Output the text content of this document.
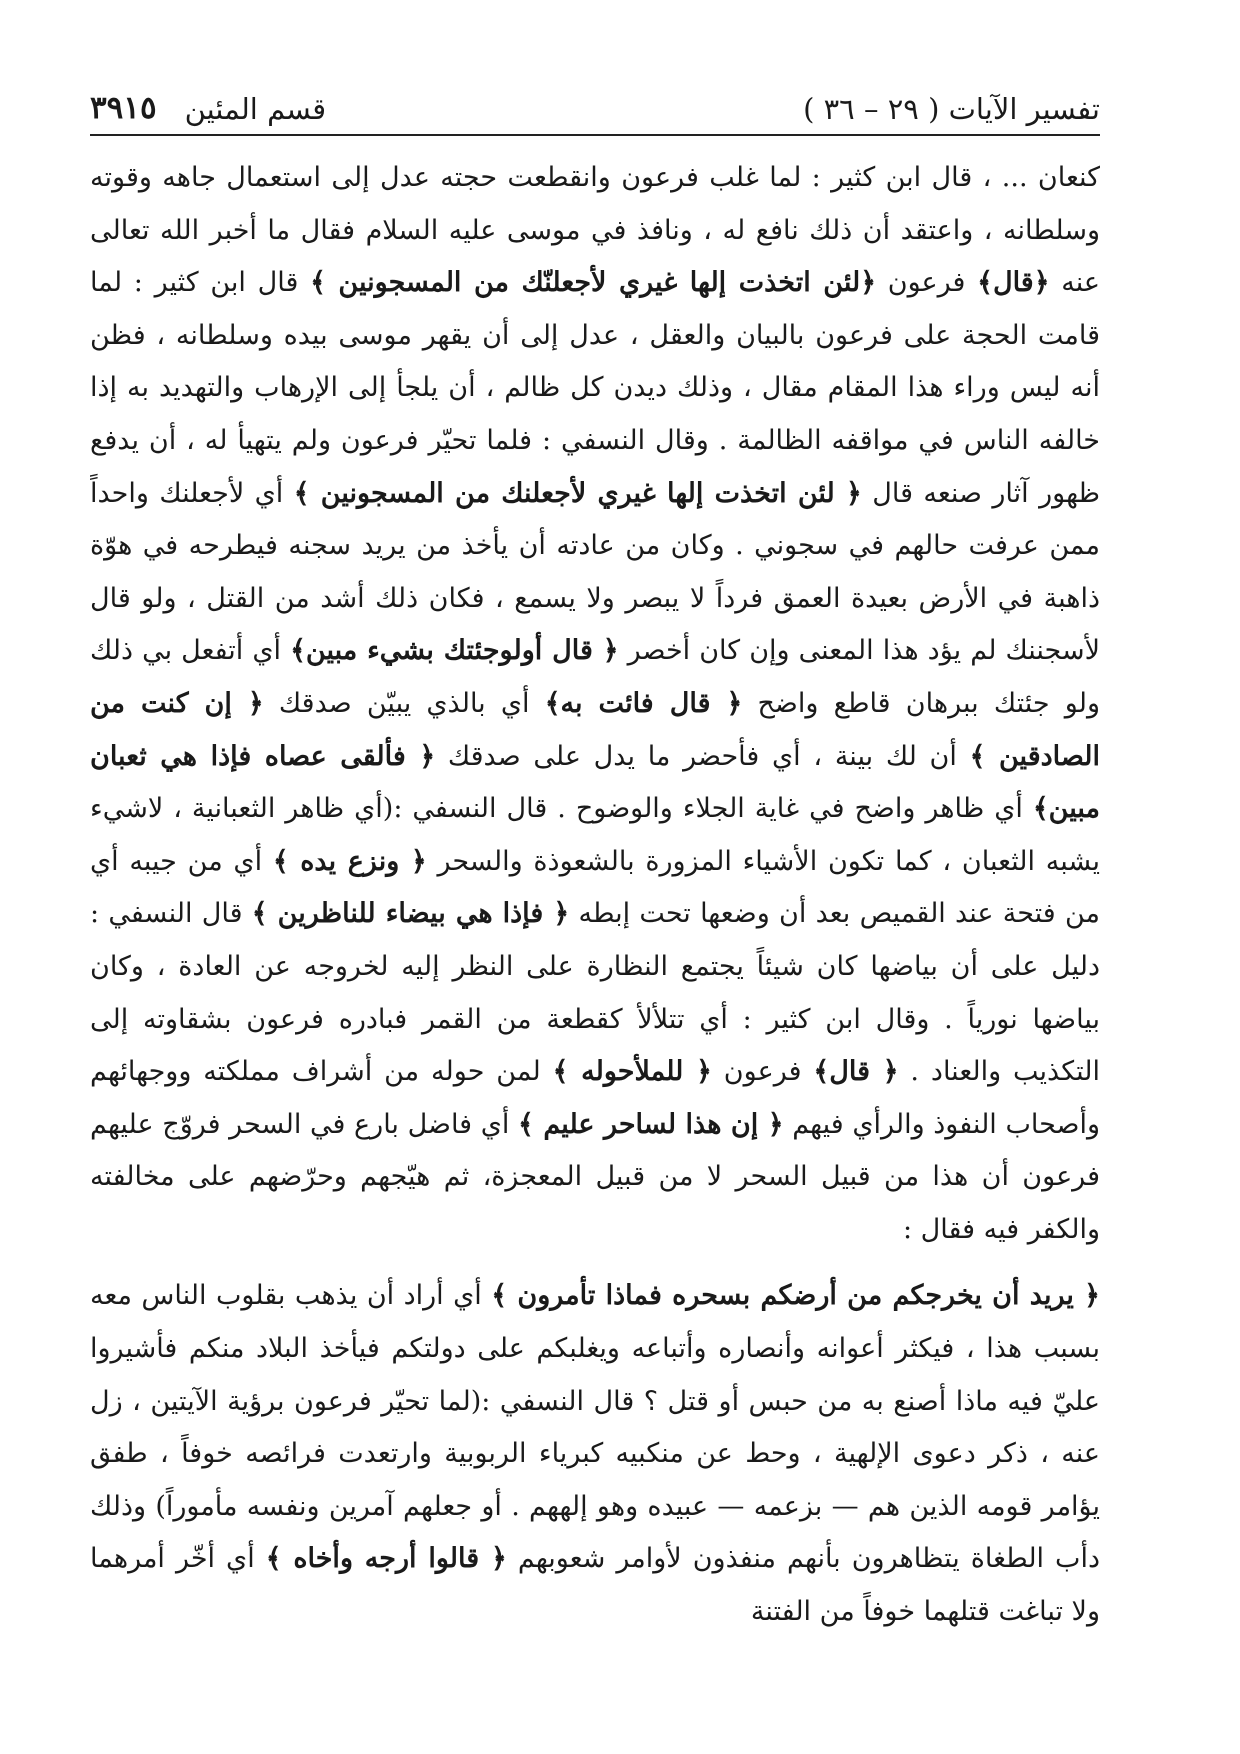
تفسير الآيات ( ٢٩ – ٣٦ )
قسم المئين
٣٩١٥

كنعان ... ، قال ابن كثير : لما غلب فرعون وانقطعت حجته عدل إلى استعمال جاهه وقوته وسلطانه ، واعتقد أن ذلك نافع له ، ونافذ في موسى عليه السلام فقال ما أخبر الله تعالى عنه ﴿قال﴾ فرعون ﴿لئن اتخذت إلها غيري لأجعلنّك من المسجونين ﴾ قال ابن كثير : لما قامت الحجة على فرعون بالبيان والعقل ، عدل إلى أن يقهر موسى بيده وسلطانه ، فظن أنه ليس وراء هذا المقام مقال ، وذلك ديدن كل ظالم ، أن يلجأ إلى الإرهاب والتهديد به إذا خالفه الناس في مواقفه الظالمة . وقال النسفي : فلما تحيّر فرعون ولم يتهيأ له ، أن يدفع ظهور آثار صنعه قال ﴿ لئن اتخذت إلها غيري لأجعلنك من المسجونين ﴾ أي لأجعلنك واحداً ممن عرفت حالهم في سجوني . وكان من عادته أن يأخذ من يريد سجنه فيطرحه في هوّة ذاهبة في الأرض بعيدة العمق فرداً لا يبصر ولا يسمع ، فكان ذلك أشد من القتل ، ولو قال لأسجننك لم يؤد هذا المعنى وإن كان أخصر ﴿ قال أولوجئتك بشيء مبين﴾ أي أتفعل بي ذلك ولو جئتك ببرهان قاطع واضح ﴿ قال فائت به﴾ أي بالذي يبيّن صدقك ﴿ إن كنت من الصادقين ﴾ أن لك بينة ، أي فأحضر ما يدل على صدقك ﴿ فألقى عصاه فإذا هي ثعبان مبين﴾ أي ظاهر واضح في غاية الجلاء والوضوح . قال النسفي :(أي ظاهر الثعبانية ، لاشيء يشبه الثعبان ، كما تكون الأشياء المزورة بالشعوذة والسحر ﴿ ونزع يده ﴾ أي من جيبه أي من فتحة عند القميص بعد أن وضعها تحت إبطه ﴿ فإذا هي بيضاء للناظرين ﴾ قال النسفي : دليل على أن بياضها كان شيئاً يجتمع النظارة على النظر إليه لخروجه عن العادة ، وكان بياضها نورياً . وقال ابن كثير : أي تتلألأ كقطعة من القمر فبادره فرعون بشقاوته إلى التكذيب والعناد . ﴿ قال﴾ فرعون ﴿ للملأحوله ﴾ لمن حوله من أشراف مملكته ووجهائهم وأصحاب النفوذ والرأي فيهم ﴿ إن هذا لساحر عليم ﴾ أي فاضل بارع في السحر فروّج عليهم فرعون أن هذا من قبيل السحر لا من قبيل المعجزة، ثم هيّجهم وحرّضهم على مخالفته والكفر فيه فقال :

﴿ يريد أن يخرجكم من أرضكم بسحره فماذا تأمرون ﴾ أي أراد أن يذهب بقلوب الناس معه بسبب هذا ، فيكثر أعوانه وأنصاره وأتباعه ويغلبكم على دولتكم فيأخذ البلاد منكم فأشيروا عليّ فيه ماذا أصنع به من حبس أو قتل ؟ قال النسفي :(لما تحيّر فرعون برؤية الآيتين ، زل عنه ، ذكر دعوى الإلهية ، وحط عن منكبيه كبرياء الربوبية وارتعدت فرائصه خوفاً ، طفق يؤامر قومه الذين هم — بزعمه — عبيده وهو إلههم . أو جعلهم آمرين ونفسه مأموراً) وذلك دأب الطغاة يتظاهرون بأنهم منفذون لأوامر شعوبهم ﴿ قالوا أرجه وأخاه ﴾ أي أخّر أمرهما ولا تباغت قتلهما خوفاً من الفتنة
